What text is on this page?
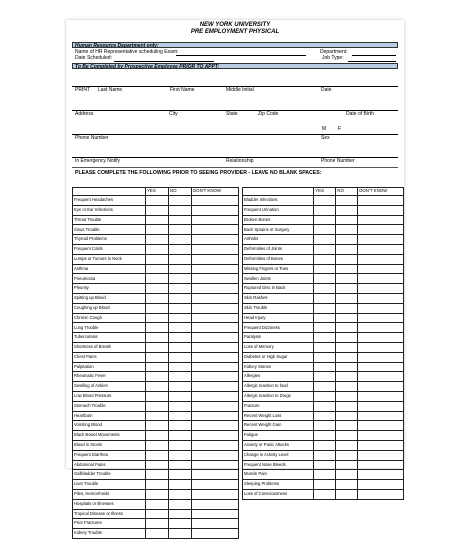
NEW YORK UNIVERSITY
PRE EMPLOYMENT PHYSICAL
Human Resource Department only:
Name of HR Representative scheduling Exam:	Department:
Date Scheduled:	Job Type:
To Be Completed by Prospective Employee PRIOR TO APPT:
PRINT Last Name	First Name	Middle Initial	Date
Address	City	State	Zip Code	Date of Birth
M F
Phone Number	Sex
In Emergency Notify	Relationship	Phone Number
PLEASE COMPLETE THE FOLLOWING PRIOR TO SEEING PROVIDER - LEAVE NO BLANK SPACES:
	YES	NO	DON'T KNOW
Frequent Headaches			
Eye or Ear Infections			
Throat Trouble			
Sinus Trouble			
Thyroid Problems			
Frequent Colds			
Lumps or Tumors in Neck			
Asthma			
Pneumonia			
Pleurisy			
Spitting up Blood			
Coughing up Blood			
Chronic Cough			
Lung Trouble			
Tuberculosis			
Shortness of Breath			
Chest Pains			
Palpitation			
Rheumatic Fever			
Swelling of Ankles			
Low Blood Pressure			
Stomach Trouble			
Heartburn			
Vomiting Blood			
Black Bowel Movements			
Blood in Stools			
Frequent Diarrhea			
Abdominal Pains			
Gallbladder Trouble			
Liver Trouble			
Piles, Hemorrhoids			
Hospitals or Illnesses			
Tropical Disease or Illness			
Prior Fractures			
Kidney Trouble			
	YES	NO	DON'T KNOW
Bladder Infections			
Frequent Urination			
Broken Bones			
Back Sprains or Surgery			
Arthritis			
Deformities of Joints			
Deformities of Bones			
Missing Fingers or Toes			
Swollen Joints			
Ruptured Disc in Back			
Skin Rashes			
Skin Trouble			
Head Injury			
Frequent Dizziness			
Paralysis			
Loss of Memory			
Diabetes or High Sugar			
Kidney Stones			
Allergies			
Allergic reaction to food			
Allergic reaction to Drugs			
Fracture			
Recent Weight Loss			
Recent Weight Gain			
Fatigue			
Anxiety or Panic Attacks			
Change in Activity Level			
Frequent Nose Bleeds			
Muscle Pain			
Sleeping Problems			
Loss of Consciousness			
